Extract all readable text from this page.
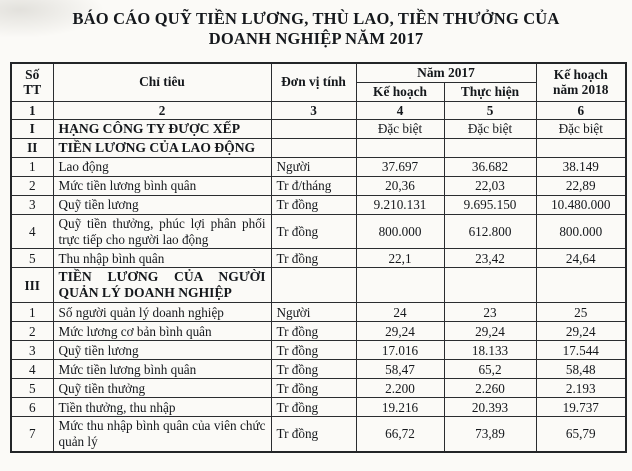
BÁO CÁO QUỸ TIỀN LƯƠNG, THÙ LAO, TIỀN THƯỞNG CỦA
DOANH NGHIỆP NĂM 2017
Số TT	Chỉ tiêu	Đơn vị tính	Năm 2017		Kế hoạch năm 2018
			Kế hoạch	Thực hiện	
1	2	3	4	5	6
I	HẠNG CÔNG TY ĐƯỢC XẾP		Đặc biệt	Đặc biệt	Đặc biệt
II	TIỀN LƯƠNG CỦA LAO ĐỘNG				
1	Lao động	Người	37.697	36.682	38.149
2	Mức tiền lương bình quân	Tr đ/tháng	20,36	22,03	22,89
3	Quỹ tiền lương	Tr đồng	9.210.131	9.695.150	10.480.000
4	Quỹ tiền thưởng, phúc lợi phân phối trực tiếp cho người lao động	Tr đồng	800.000	612.800	800.000
5	Thu nhập bình quân	Tr đồng	22,1	23,42	24,64
III	TIỀN LƯƠNG CỦA NGƯỜI QUẢN LÝ DOANH NGHIỆP				
1	Số người quản lý doanh nghiệp	Người	24	23	25
2	Mức lương cơ bản bình quân	Tr đồng	29,24	29,24	29,24
3	Quỹ tiền lương	Tr đồng	17.016	18.133	17.544
4	Mức tiền lương bình quân	Tr đồng	58,47	65,2	58,48
5	Quỹ tiền thưởng	Tr đồng	2.200	2.260	2.193
6	Tiền thưởng, thu nhập	Tr đồng	19.216	20.393	19.737
7	Mức thu nhập bình quân của viên chức quản lý	Tr đồng	66,72	73,89	65,79
